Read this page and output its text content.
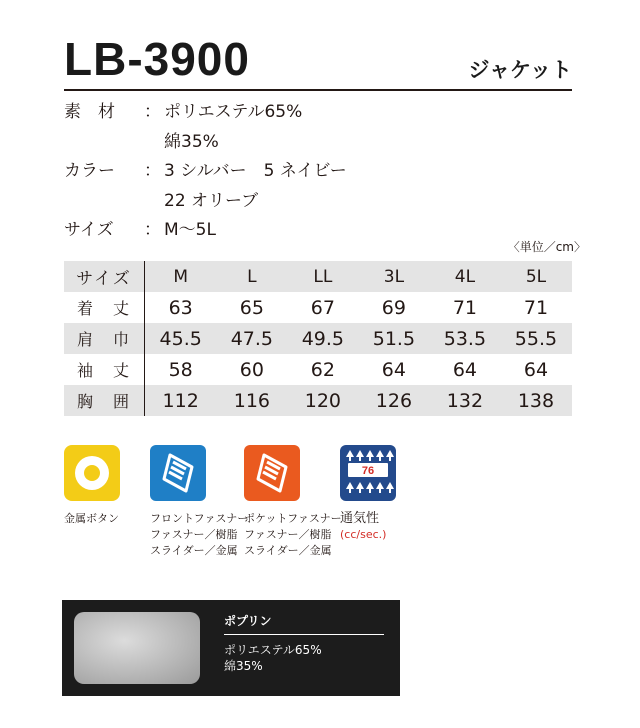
LB-3900	ジャケット
素　材	： ポリエステル65%
綿35%
カラー	： 3 シルバー　5 ネイビー
22 オリーブ
サイズ	： M〜5L
〈単位／cm〉
サイズ	M	L	LL	3L	4L	5L
着　丈	63	65	67	69	71	71
肩　巾	45.5	47.5	49.5	51.5	53.5	55.5
袖　丈	58	60	62	64	64	64
胸　囲	112	116	120	126	132	138
金属ボタン	フロントファスナー
ファスナー／樹脂
スライダー／金属
ポケットファスナー
ファスナー／樹脂
スライダー／金属
76
通気性
(cc/sec.)
ポプリン
ポリエステル65%
綿35%
